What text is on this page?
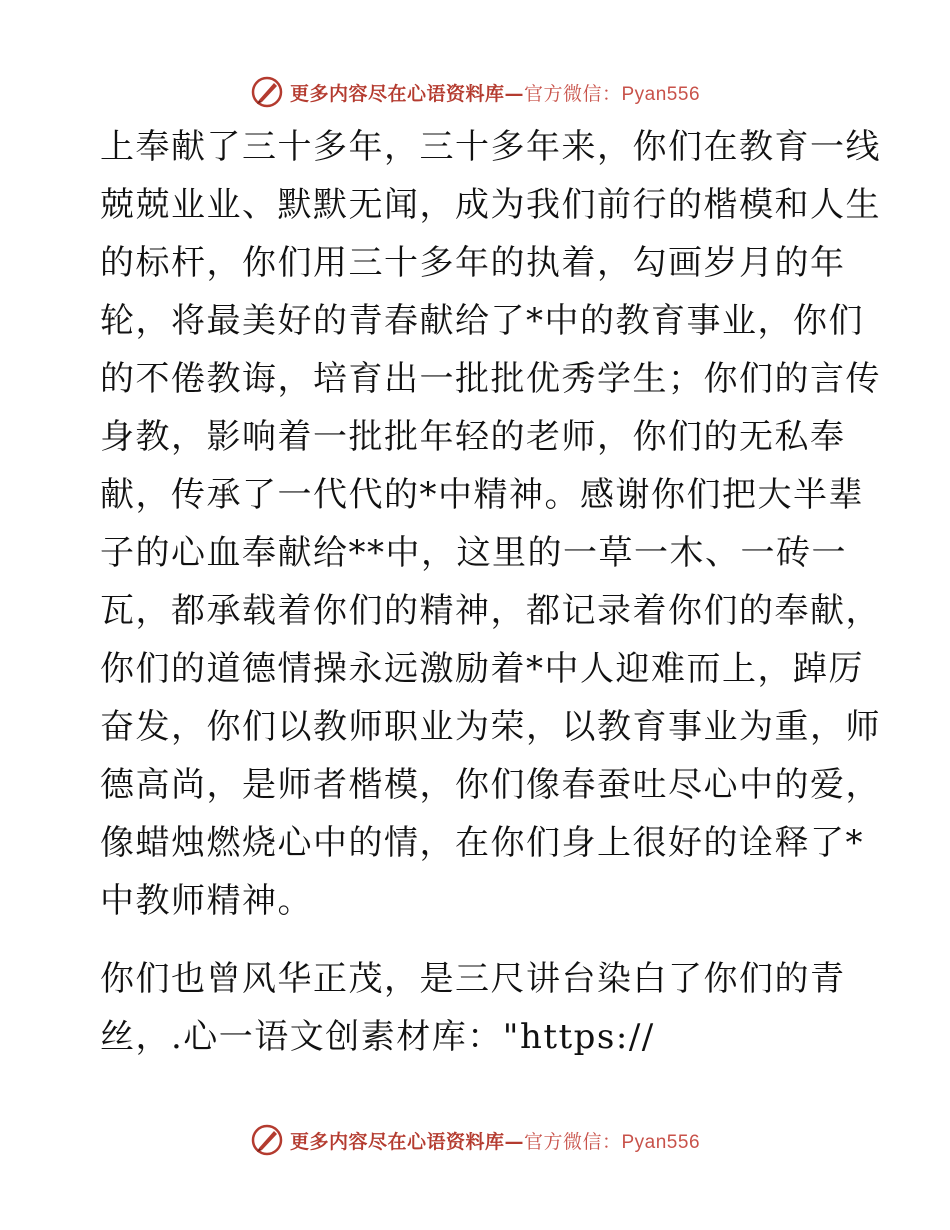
更多内容尽在心语资料库—官方微信：Pyan556
上奉献了三十多年，三十多年来，你们在教育一线
兢兢业业、默默无闻，成为我们前行的楷模和人生
的标杆，你们用三十多年的执着，勾画岁月的年
轮，将最美好的青春献给了*中的教育事业，你们
的不倦教诲，培育出一批批优秀学生；你们的言传
身教，影响着一批批年轻的老师，你们的无私奉
献，传承了一代代的*中精神。感谢你们把大半辈
子的心血奉献给**中，这里的一草一木、一砖一
瓦，都承载着你们的精神，都记录着你们的奉献，
你们的道德情操永远激励着*中人迎难而上，踔厉
奋发，你们以教师职业为荣，以教育事业为重，师
德高尚，是师者楷模，你们像春蚕吐尽心中的爱，
像蜡烛燃烧心中的情，在你们身上很好的诠释了*
中教师精神。
你们也曾风华正茂，是三尺讲台染白了你们的青
丝，.心一语文创素材库："https://
更多内容尽在心语资料库—官方微信：Pyan556
